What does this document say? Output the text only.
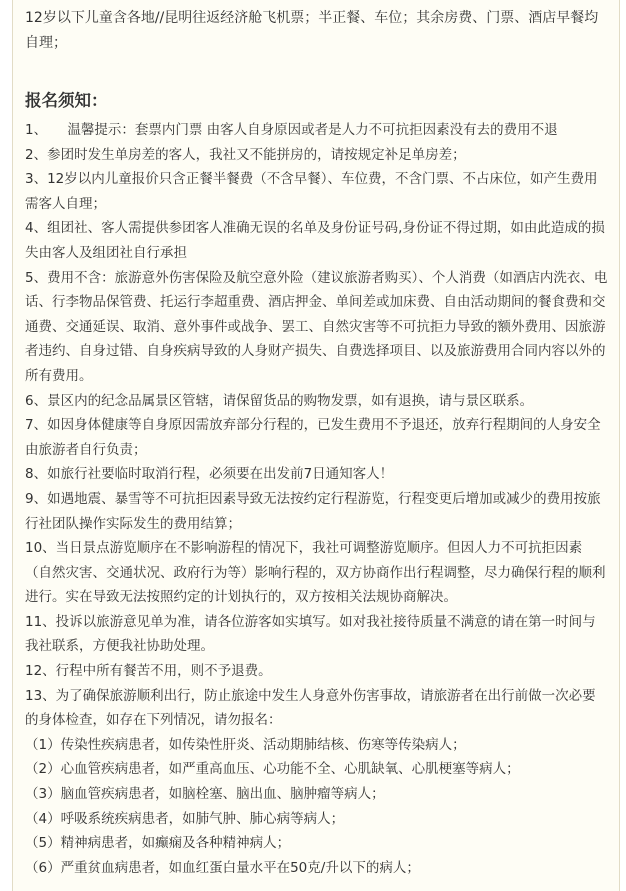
12岁以下儿童含各地//昆明往返经济舱飞机票；半正餐、车位；其余房费、门票、酒店早餐均自理；

报名须知：

1、　　温馨提示：套票内门票 由客人自身原因或者是人力不可抗拒因素没有去的费用不退

2、参团时发生单房差的客人，我社又不能拼房的，请按规定补足单房差；

3、12岁以内儿童报价只含正餐半餐费（不含早餐）、车位费，不含门票、不占床位，如产生费用需客人自理；

4、组团社、客人需提供参团客人准确无误的名单及身份证号码,身份证不得过期，如由此造成的损失由客人及组团社自行承担

5、费用不含：旅游意外伤害保险及航空意外险（建议旅游者购买）、个人消费（如酒店内洗衣、电话、行李物品保管费、托运行李超重费、酒店押金、单间差或加床费、自由活动期间的餐食费和交通费、交通延误、取消、意外事件或战争、罢工、自然灾害等不可抗拒力导致的额外费用、因旅游者违约、自身过错、自身疾病导致的人身财产损失、自费选择项目、以及旅游费用合同内容以外的所有费用。

6、景区内的纪念品属景区管辖，请保留货品的购物发票，如有退换，请与景区联系。

7、如因身体健康等自身原因需放弃部分行程的，已发生费用不予退还，放弃行程期间的人身安全由旅游者自行负责；

8、如旅行社要临时取消行程，必须要在出发前7日通知客人！

9、如遇地震、暴雪等不可抗拒因素导致无法按约定行程游览，行程变更后增加或减少的费用按旅行社团队操作实际发生的费用结算；

10、当日景点游览顺序在不影响游程的情况下，我社可调整游览顺序。但因人力不可抗拒因素（自然灾害、交通状况、政府行为等）影响行程的，双方协商作出行程调整，尽力确保行程的顺利进行。实在导致无法按照约定的计划执行的，双方按相关法规协商解决。

11、投诉以旅游意见单为准，请各位游客如实填写。如对我社接待质量不满意的请在第一时间与我社联系，方便我社协助处理。

12、行程中所有餐苦不用，则不予退费。

13、为了确保旅游顺利出行，防止旅途中发生人身意外伤害事故，请旅游者在出行前做一次必要的身体检查，如存在下列情况，请勿报名：

（1）传染性疾病患者，如传染性肝炎、活动期肺结核、伤寒等传染病人；

（2）心血管疾病患者，如严重高血压、心功能不全、心肌缺氧、心肌梗塞等病人；

（3）脑血管疾病患者，如脑栓塞、脑出血、脑肿瘤等病人；

（4）呼吸系统疾病患者，如肺气肿、肺心病等病人；

（5）精神病患者，如癫痫及各种精神病人；

（6）严重贫血病患者，如血红蛋白量水平在50克/升以下的病人；
